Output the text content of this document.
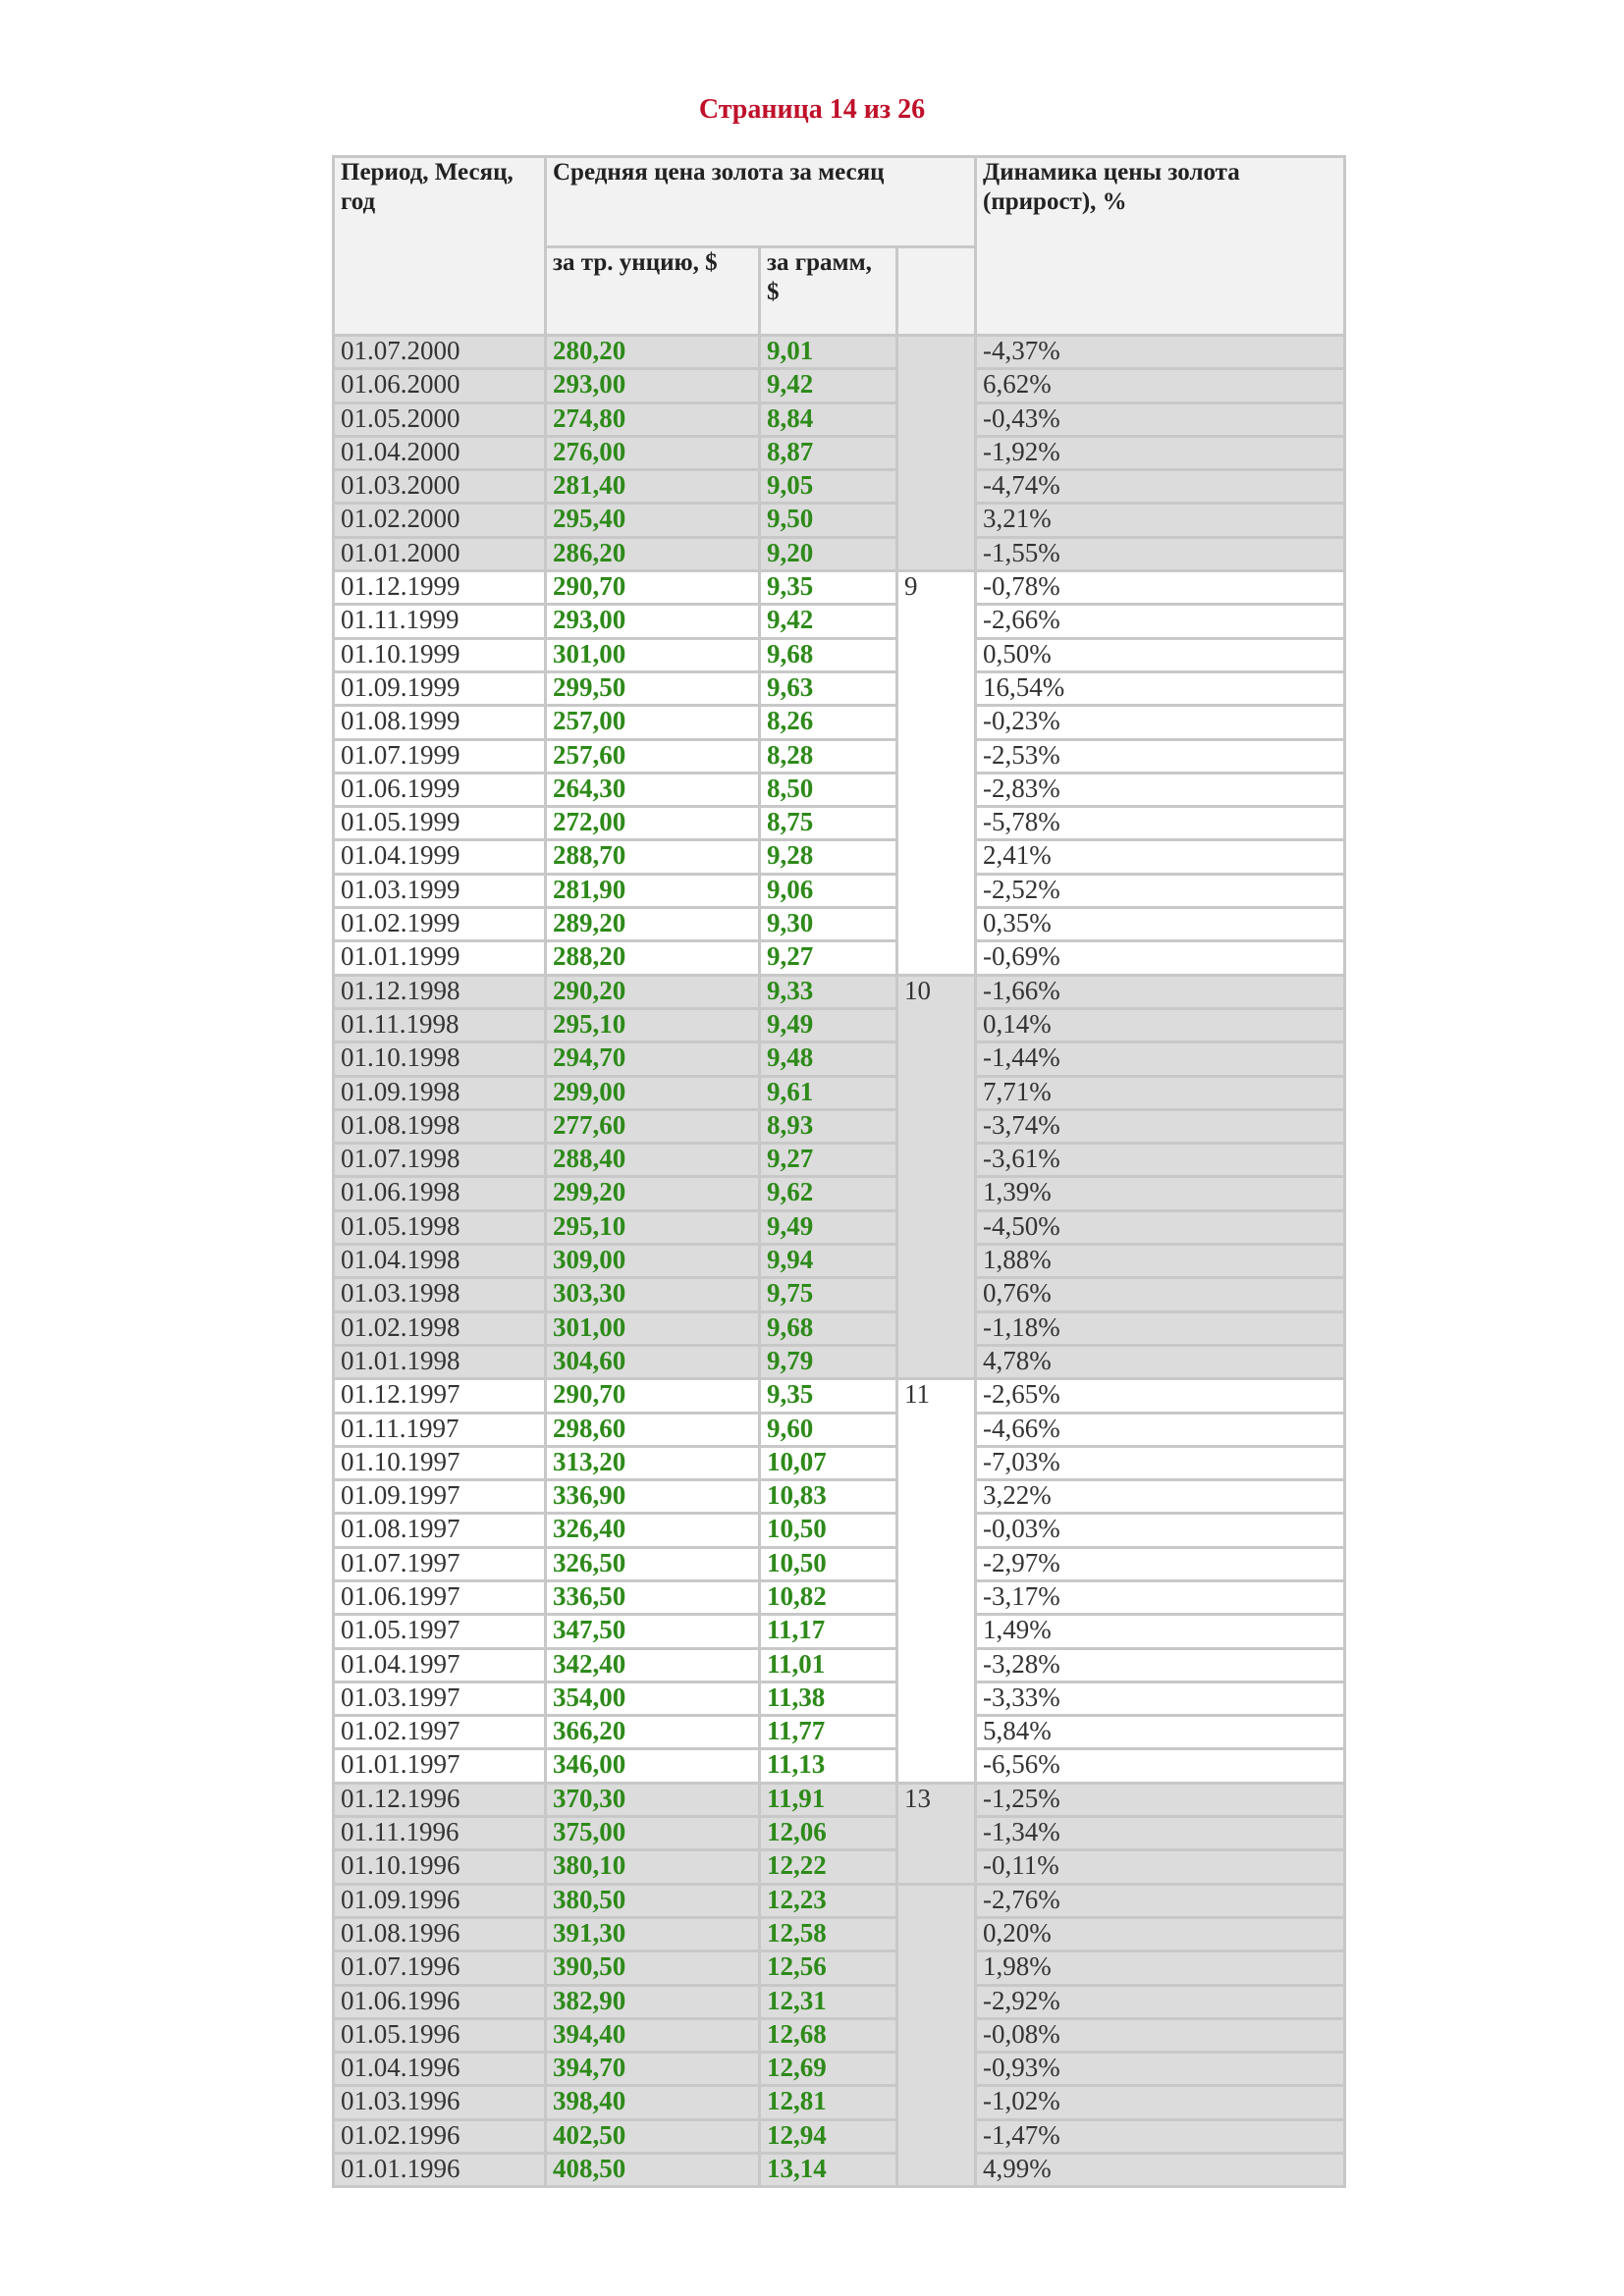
Страница 14 из 26
Период, Месяц, год	Средняя цена золота за месяц			Динамика цены золота (прирост), %
	за тр. унцию, $	за грамм, $		
01.07.2000	280,20	9,01		-4,37%
01.06.2000	293,00	9,42		6,62%
01.05.2000	274,80	8,84		-0,43%
01.04.2000	276,00	8,87		-1,92%
01.03.2000	281,40	9,05		-4,74%
01.02.2000	295,40	9,50		3,21%
01.01.2000	286,20	9,20		-1,55%
01.12.1999	290,70	9,35	9	-0,78%
01.11.1999	293,00	9,42		-2,66%
01.10.1999	301,00	9,68		0,50%
01.09.1999	299,50	9,63		16,54%
01.08.1999	257,00	8,26		-0,23%
01.07.1999	257,60	8,28		-2,53%
01.06.1999	264,30	8,50		-2,83%
01.05.1999	272,00	8,75		-5,78%
01.04.1999	288,70	9,28		2,41%
01.03.1999	281,90	9,06		-2,52%
01.02.1999	289,20	9,30		0,35%
01.01.1999	288,20	9,27		-0,69%
01.12.1998	290,20	9,33	10	-1,66%
01.11.1998	295,10	9,49		0,14%
01.10.1998	294,70	9,48		-1,44%
01.09.1998	299,00	9,61		7,71%
01.08.1998	277,60	8,93		-3,74%
01.07.1998	288,40	9,27		-3,61%
01.06.1998	299,20	9,62		1,39%
01.05.1998	295,10	9,49		-4,50%
01.04.1998	309,00	9,94		1,88%
01.03.1998	303,30	9,75		0,76%
01.02.1998	301,00	9,68		-1,18%
01.01.1998	304,60	9,79		4,78%
01.12.1997	290,70	9,35	11	-2,65%
01.11.1997	298,60	9,60		-4,66%
01.10.1997	313,20	10,07		-7,03%
01.09.1997	336,90	10,83		3,22%
01.08.1997	326,40	10,50		-0,03%
01.07.1997	326,50	10,50		-2,97%
01.06.1997	336,50	10,82		-3,17%
01.05.1997	347,50	11,17		1,49%
01.04.1997	342,40	11,01		-3,28%
01.03.1997	354,00	11,38		-3,33%
01.02.1997	366,20	11,77		5,84%
01.01.1997	346,00	11,13		-6,56%
01.12.1996	370,30	11,91	13	-1,25%
01.11.1996	375,00	12,06		-1,34%
01.10.1996	380,10	12,22		-0,11%
01.09.1996	380,50	12,23		-2,76%
01.08.1996	391,30	12,58		0,20%
01.07.1996	390,50	12,56		1,98%
01.06.1996	382,90	12,31		-2,92%
01.05.1996	394,40	12,68		-0,08%
01.04.1996	394,70	12,69		-0,93%
01.03.1996	398,40	12,81		-1,02%
01.02.1996	402,50	12,94		-1,47%
01.01.1996	408,50	13,14		4,99%
